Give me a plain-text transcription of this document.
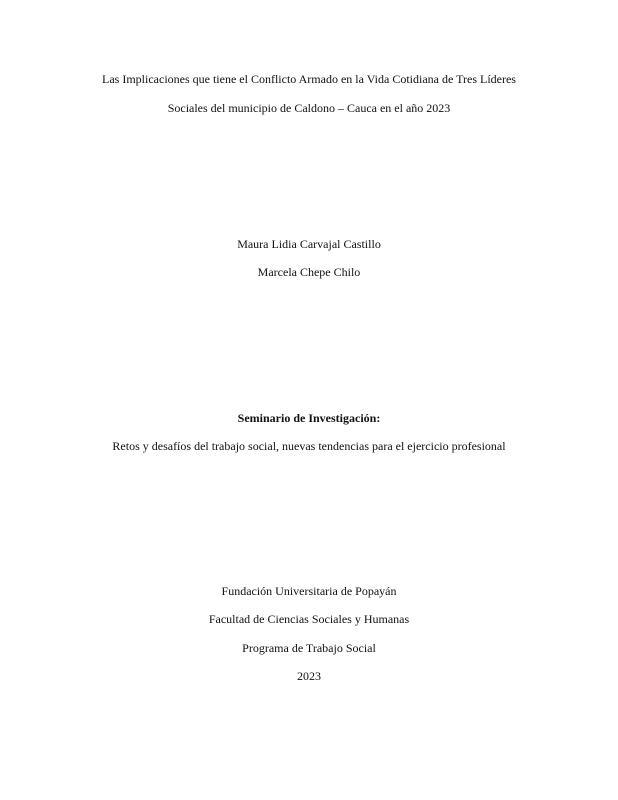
Las Implicaciones que tiene el Conflicto Armado en la Vida Cotidiana de Tres Líderes
Sociales del municipio de Caldono – Cauca en el año 2023
Maura Lidia Carvajal Castillo
Marcela Chepe Chilo
Seminario de Investigación:
Retos y desafíos del trabajo social, nuevas tendencias para el ejercicio profesional
Fundación Universitaria de Popayán
Facultad de Ciencias Sociales y Humanas
Programa de Trabajo Social
2023
